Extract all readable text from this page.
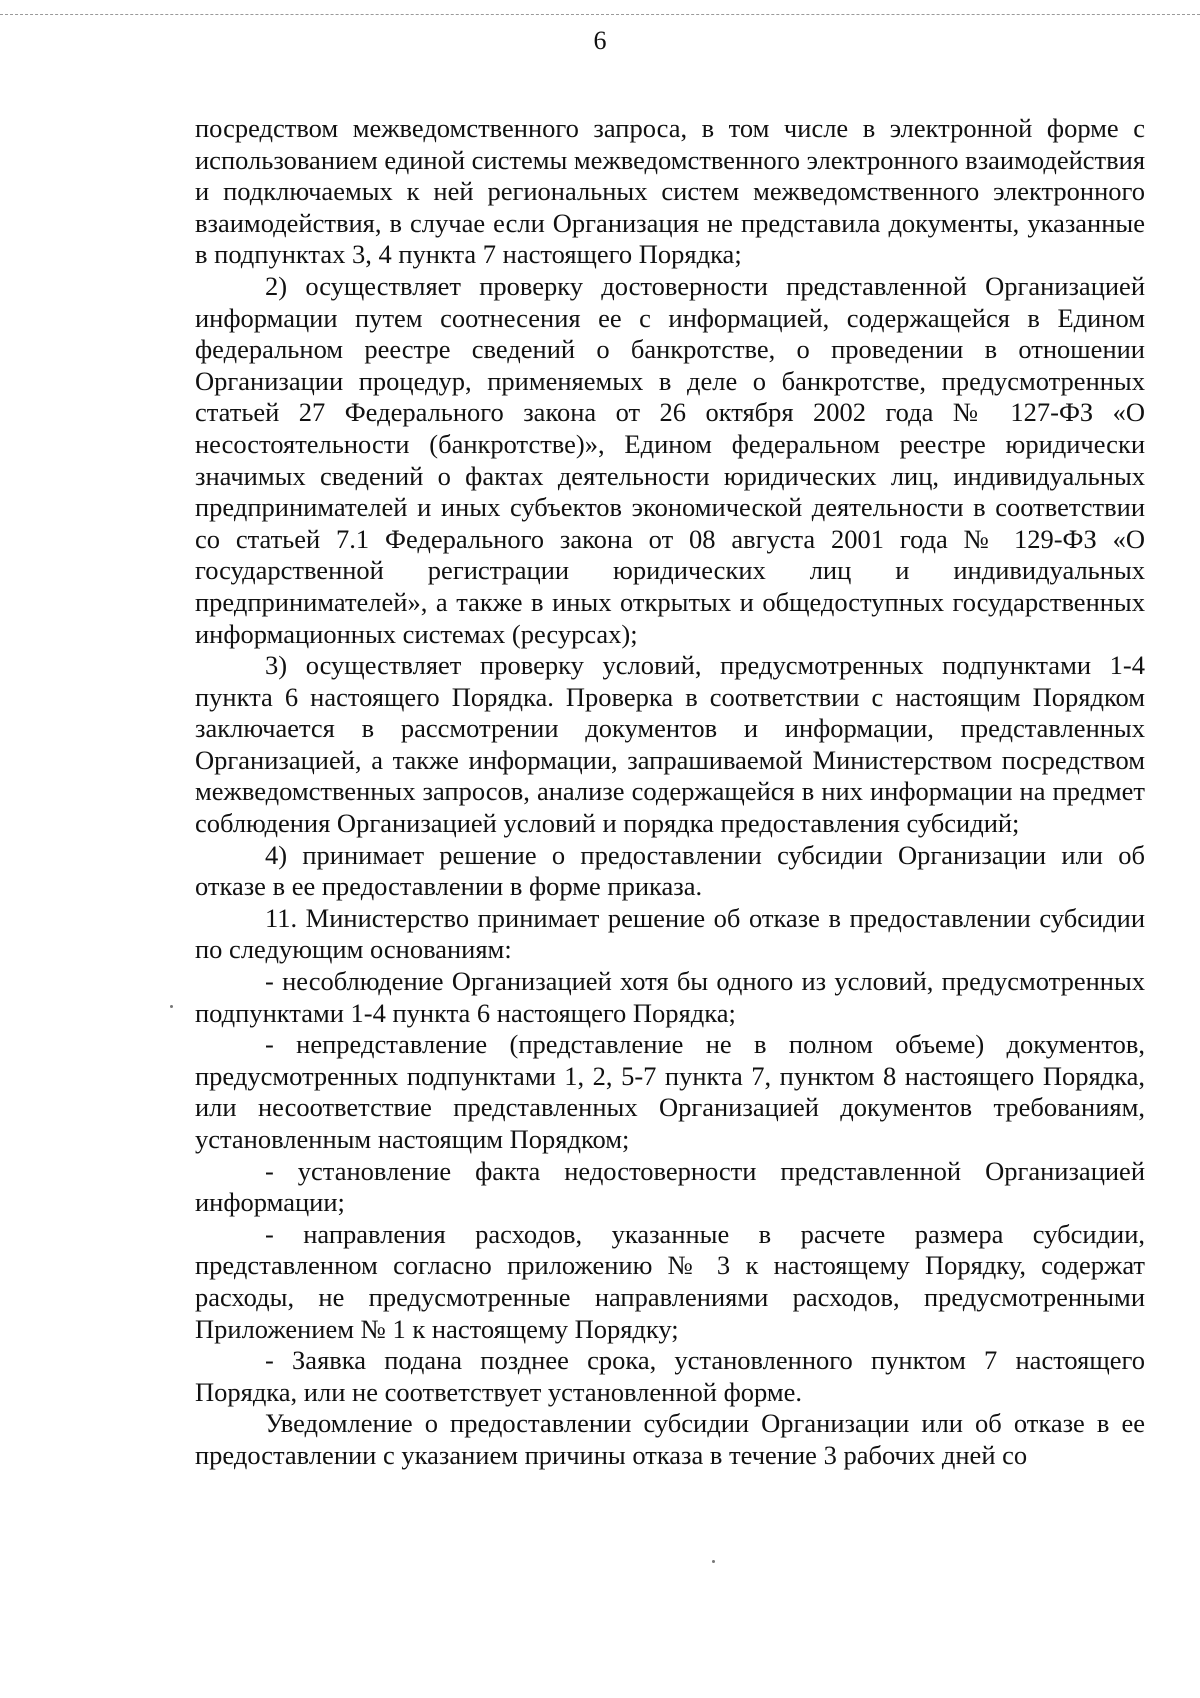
6

посредством межведомственного запроса, в том числе в электронной форме с использованием единой системы межведомственного электронного взаимодействия и подключаемых к ней региональных систем межведомственного электронного взаимодействия, в случае если Организация не представила документы, указанные в подпунктах 3, 4 пункта 7 настоящего Порядка;

2) осуществляет проверку достоверности представленной Организацией информации путем соотнесения ее с информацией, содержащейся в Едином федеральном реестре сведений о банкротстве, о проведении в отношении Организации процедур, применяемых в деле о банкротстве, предусмотренных статьей 27 Федерального закона от 26 октября 2002 года № 127-ФЗ «О несостоятельности (банкротстве)», Едином федеральном реестре юридически значимых сведений о фактах деятельности юридических лиц, индивидуальных предпринимателей и иных субъектов экономической деятельности в соответствии со статьей 7.1 Федерального закона от 08 августа 2001 года № 129-ФЗ «О государственной регистрации юридических лиц и индивидуальных предпринимателей», а также в иных открытых и общедоступных государственных информационных системах (ресурсах);

3) осуществляет проверку условий, предусмотренных подпунктами 1-4 пункта 6 настоящего Порядка. Проверка в соответствии с настоящим Порядком заключается в рассмотрении документов и информации, представленных Организацией, а также информации, запрашиваемой Министерством посредством межведомственных запросов, анализе содержащейся в них информации на предмет соблюдения Организацией условий и порядка предоставления субсидий;

4) принимает решение о предоставлении субсидии Организации или об отказе в ее предоставлении в форме приказа.

11. Министерство принимает решение об отказе в предоставлении субсидии по следующим основаниям:

- несоблюдение Организацией хотя бы одного из условий, предусмотренных подпунктами 1-4 пункта 6 настоящего Порядка;

- непредставление (представление не в полном объеме) документов, предусмотренных подпунктами 1, 2, 5-7 пункта 7, пунктом 8 настоящего Порядка, или несоответствие представленных Организацией документов требованиям, установленным настоящим Порядком;

- установление факта недостоверности представленной Организацией информации;

- направления расходов, указанные в расчете размера субсидии, представленном согласно приложению № 3 к настоящему Порядку, содержат расходы, не предусмотренные направлениями расходов, предусмотренными Приложением № 1 к настоящему Порядку;

- Заявка подана позднее срока, установленного пунктом 7 настоящего Порядка, или не соответствует установленной форме.

Уведомление о предоставлении субсидии Организации или об отказе в ее предоставлении с указанием причины отказа в течение 3 рабочих дней со
